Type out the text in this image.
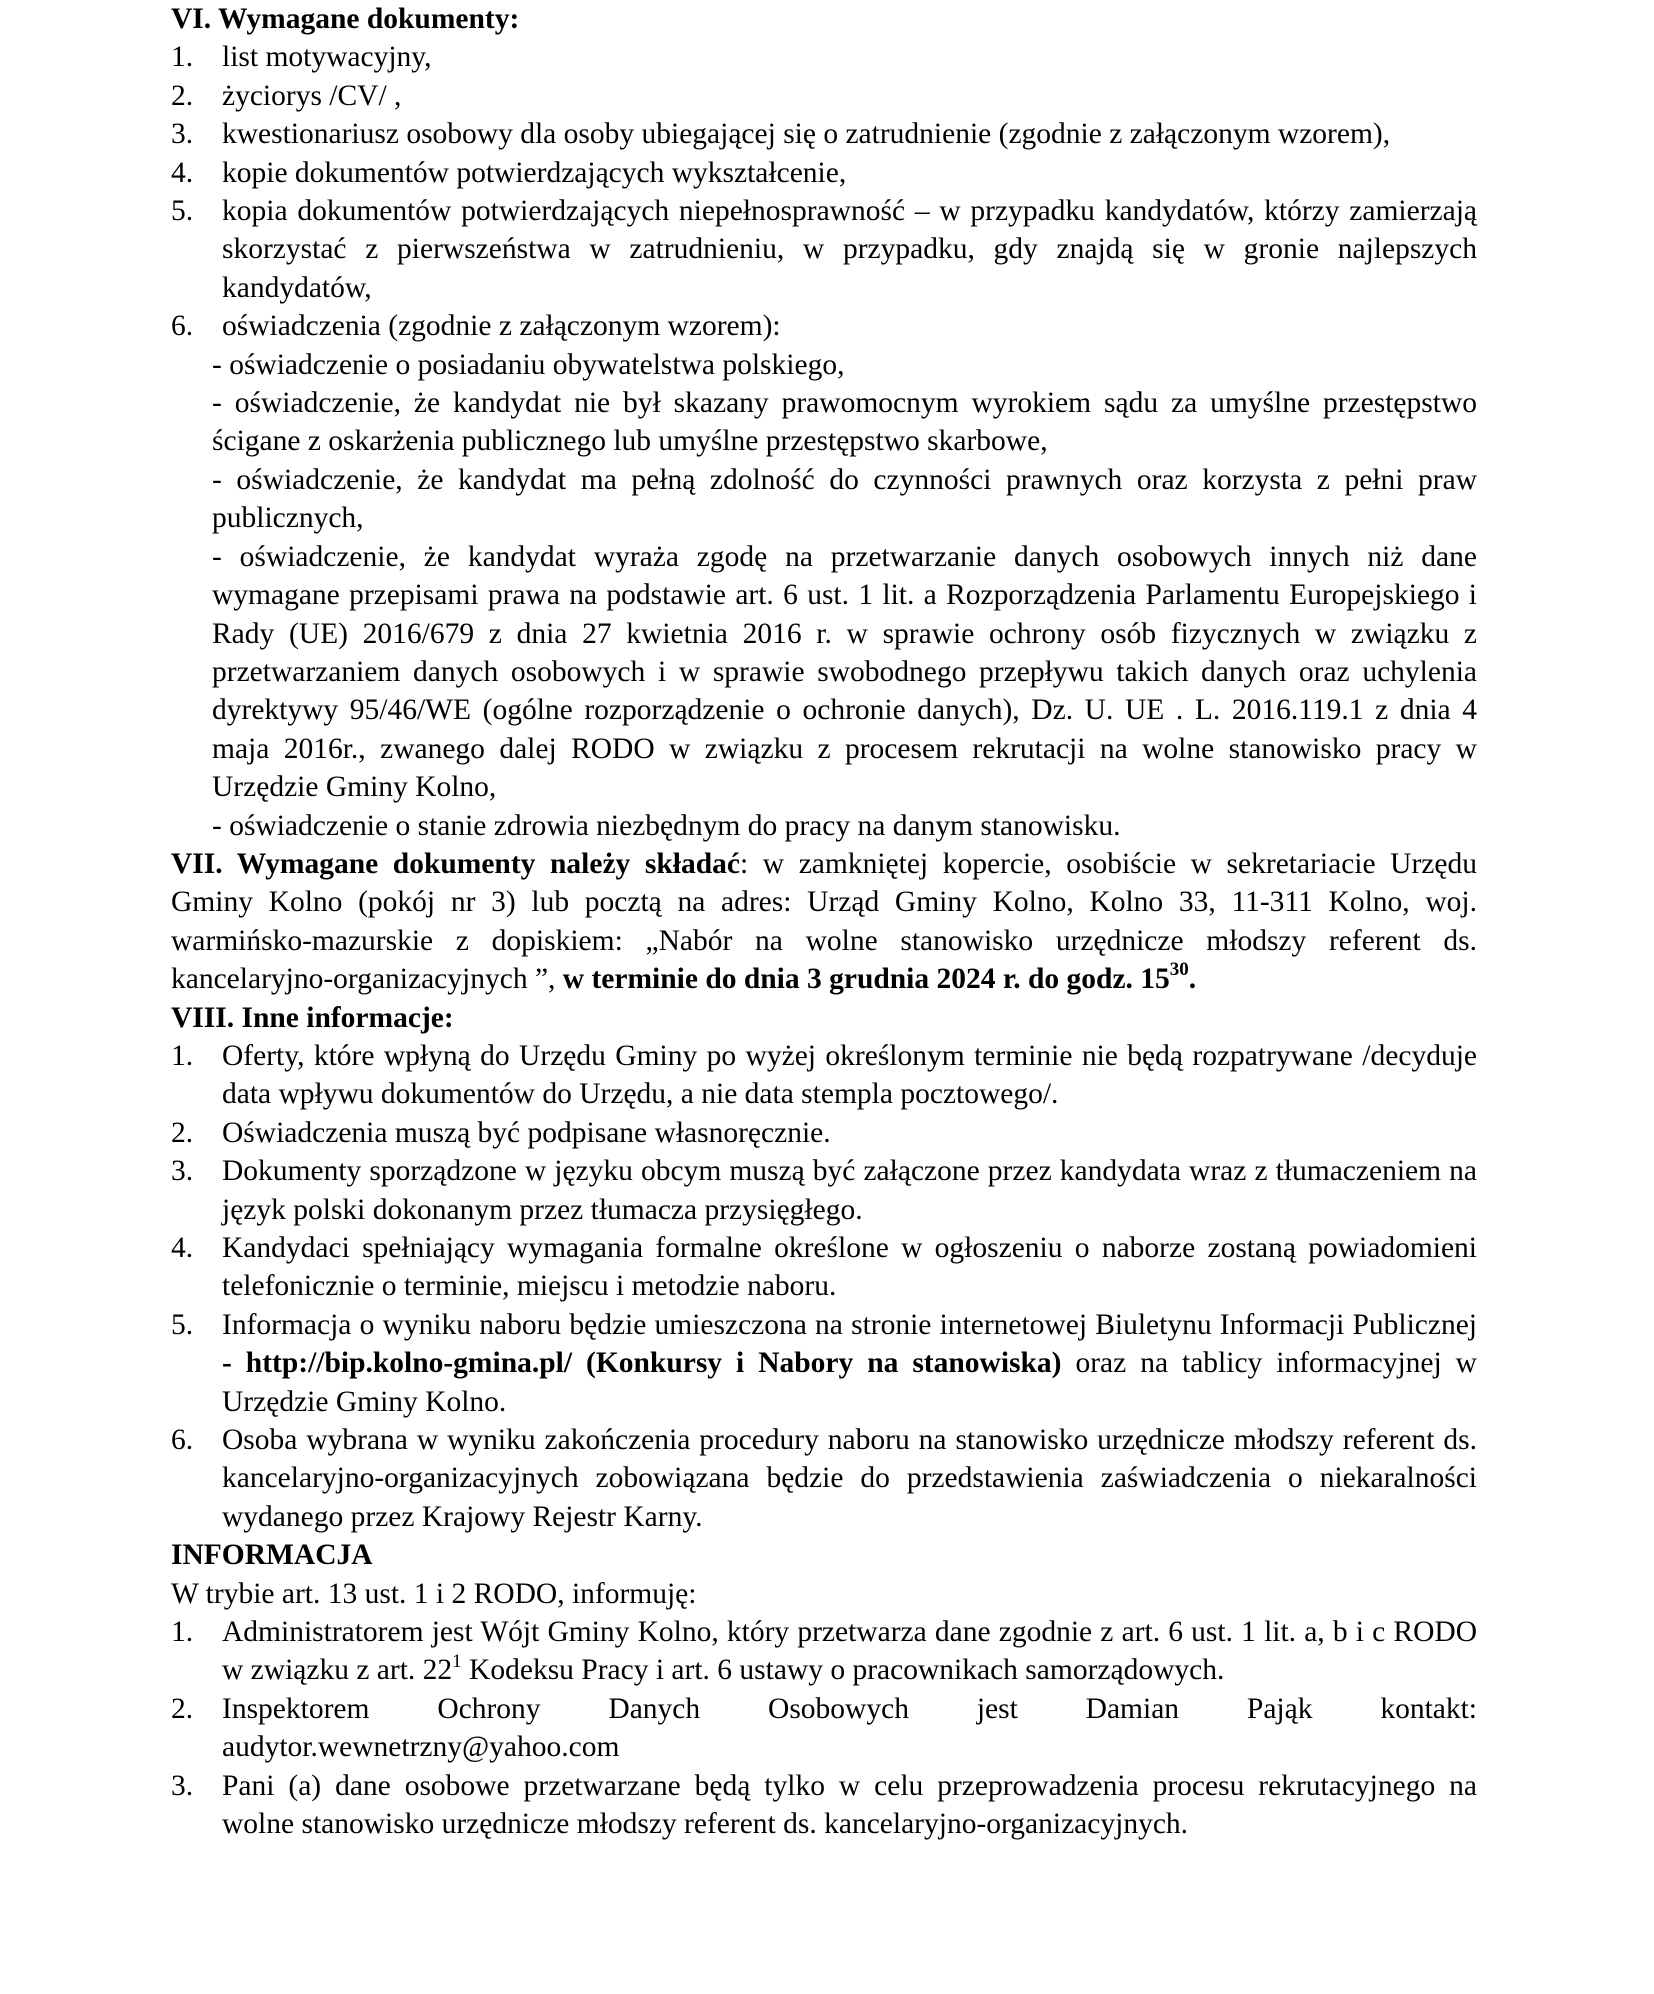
VI. Wymagane dokumenty:

1. list motywacyjny,
2. życiorys /CV/ ,
3. kwestionariusz osobowy dla osoby ubiegającej się o zatrudnienie (zgodnie z załączonym wzorem),
4. kopie dokumentów potwierdzających wykształcenie,
5. kopia dokumentów potwierdzających niepełnosprawność – w przypadku kandydatów, którzy zamierzają skorzystać z pierwszeństwa w zatrudnieniu, w przypadku, gdy znajdą się w gronie najlepszych kandydatów,
6. oświadczenia (zgodnie z załączonym wzorem):

- oświadczenie o posiadaniu obywatelstwa polskiego,

- oświadczenie, że kandydat nie był skazany prawomocnym wyrokiem sądu za umyślne przestępstwo ścigane z oskarżenia publicznego lub umyślne przestępstwo skarbowe,

- oświadczenie, że kandydat ma pełną zdolność do czynności prawnych oraz korzysta z pełni praw publicznych,

- oświadczenie, że kandydat wyraża zgodę na przetwarzanie danych osobowych innych niż dane wymagane przepisami prawa na podstawie art. 6 ust. 1 lit. a Rozporządzenia Parlamentu Europejskiego i Rady (UE) 2016/679 z dnia 27 kwietnia 2016 r. w sprawie ochrony osób fizycznych w związku z przetwarzaniem danych osobowych i w sprawie swobodnego przepływu takich danych oraz uchylenia dyrektywy 95/46/WE (ogólne rozporządzenie o ochronie danych), Dz. U. UE . L. 2016.119.1 z dnia 4 maja 2016r., zwanego dalej RODO w związku z procesem rekrutacji na wolne stanowisko pracy w Urzędzie Gminy Kolno,

- oświadczenie o stanie zdrowia niezbędnym do pracy na danym stanowisku.

VII. Wymagane dokumenty należy składać: w zamkniętej kopercie, osobiście w sekretariacie Urzędu Gminy Kolno (pokój nr 3) lub pocztą na adres: Urząd Gminy Kolno, Kolno 33, 11-311 Kolno, woj. warmińsko-mazurskie z dopiskiem: „Nabór na wolne stanowisko urzędnicze młodszy referent ds. kancelaryjno-organizacyjnych ”, w terminie do dnia 3 grudnia 2024 r. do godz. $15^{30}$.

VIII. Inne informacje:

1. Oferty, które wpłyną do Urzędu Gminy po wyżej określonym terminie nie będą rozpatrywane /decyduje data wpływu dokumentów do Urzędu, a nie data stempla pocztowego/.
2. Oświadczenia muszą być podpisane własnoręcznie.
3. Dokumenty sporządzone w języku obcym muszą być załączone przez kandydata wraz z tłumaczeniem na język polski dokonanym przez tłumacza przysięgłego.
4. Kandydaci spełniający wymagania formalne określone w ogłoszeniu o naborze zostaną powiadomieni telefonicznie o terminie, miejscu i metodzie naboru.
5. Informacja o wyniku naboru będzie umieszczona na stronie internetowej Biuletynu Informacji Publicznej - http://bip.kolno-gmina.pl/ (Konkursy i Nabory na stanowiska) oraz na tablicy informacyjnej w Urzędzie Gminy Kolno.
6. Osoba wybrana w wyniku zakończenia procedury naboru na stanowisko urzędnicze młodszy referent ds. kancelaryjno-organizacyjnych zobowiązana będzie do przedstawienia zaświadczenia o niekaralności wydanego przez Krajowy Rejestr Karny.

INFORMACJA

W trybie art. 13 ust. 1 i 2 RODO, informuję:

1. Administratorem jest Wójt Gminy Kolno, który przetwarza dane zgodnie z art. 6 ust. 1 lit. a, b i c RODO w związku z art. $22^1$ Kodeksu Pracy i art. 6 ustawy o pracownikach samorządowych.
2. Inspektorem Ochrony Danych Osobowych jest Damian Pająk kontakt:
audytor.wewnetrzny@yahoo.com
3. Pani (a) dane osobowe przetwarzane będą tylko w celu przeprowadzenia procesu rekrutacyjnego na wolne stanowisko urzędnicze młodszy referent ds. kancelaryjno-organizacyjnych.
